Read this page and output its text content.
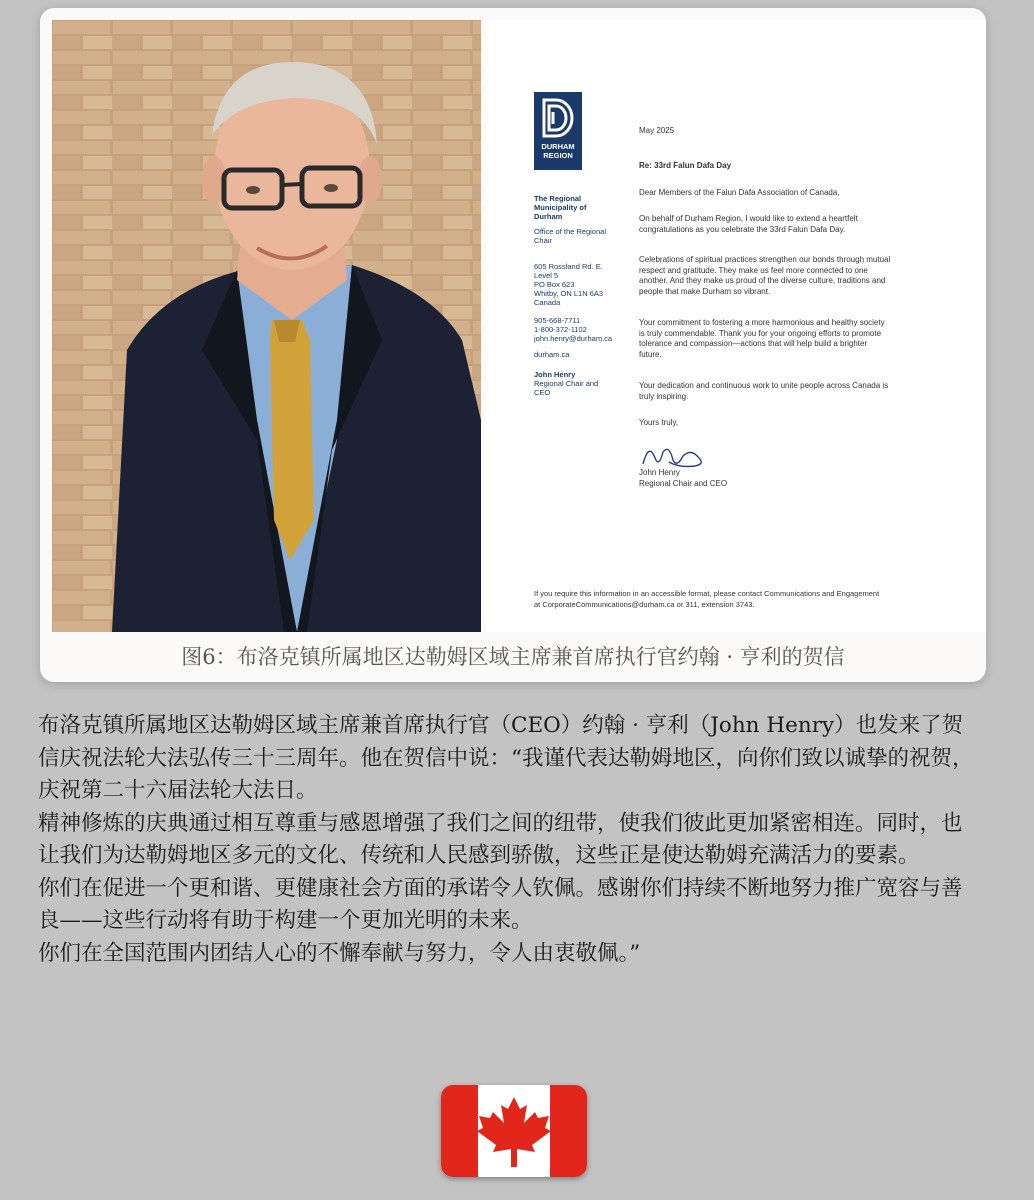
DURHAM
REGION
The Regional
Municipality of
Durham
Office of the Regional
Chair
605 Rossland Rd. E.
Level 5
PO Box 623
Whitby, ON L1N 6A3
Canada
905-668-7711
1-800-372-1102
john.henry@durham.ca
durham.ca
John Henry
Regional Chair and
CEO
May 2025
Re: 33rd Falun Dafa Day
Dear Members of the Falun Dafa Association of Canada,
On behalf of Durham Region, I would like to extend a heartfelt
congratulations as you celebrate the 33rd Falun Dafa Day.
Celebrations of spiritual practices strengthen our bonds through mutual
respect and gratitude. They make us feel more connected to one
another. And they make us proud of the diverse culture, traditions and
people that make Durham so vibrant.
Your commitment to fostering a more harmonious and healthy society
is truly commendable. Thank you for your ongoing efforts to promote
tolerance and compassion—actions that will help build a brighter
future.
Your dedication and continuous work to unite people across Canada is
truly inspiring.
Yours truly,
John Henry
Regional Chair and CEO
If you require this information in an accessible format, please contact Communications and Engagement
at CorporateCommunications@durham.ca or 311, extension 3743.
图6：布洛克镇所属地区达勒姆区域主席兼首席执行官约翰 · 亨利的贺信

布洛克镇所属地区达勒姆区域主席兼首席执行官（CEO）约翰 · 亨利（John Henry）也发来了贺信庆祝法轮大法弘传三十三周年。他在贺信中说：“我谨代表达勒姆地区，向你们致以诚挚的祝贺，庆祝第二十六届法轮大法日。

精神修炼的庆典通过相互尊重与感恩增强了我们之间的纽带，使我们彼此更加紧密相连。同时，也让我们为达勒姆地区多元的文化、传统和人民感到骄傲，这些正是使达勒姆充满活力的要素。

你们在促进一个更和谐、更健康社会方面的承诺令人钦佩。感谢你们持续不断地努力推广宽容与善良——这些行动将有助于构建一个更加光明的未来。

你们在全国范围内团结人心的不懈奉献与努力，令人由衷敬佩。”
